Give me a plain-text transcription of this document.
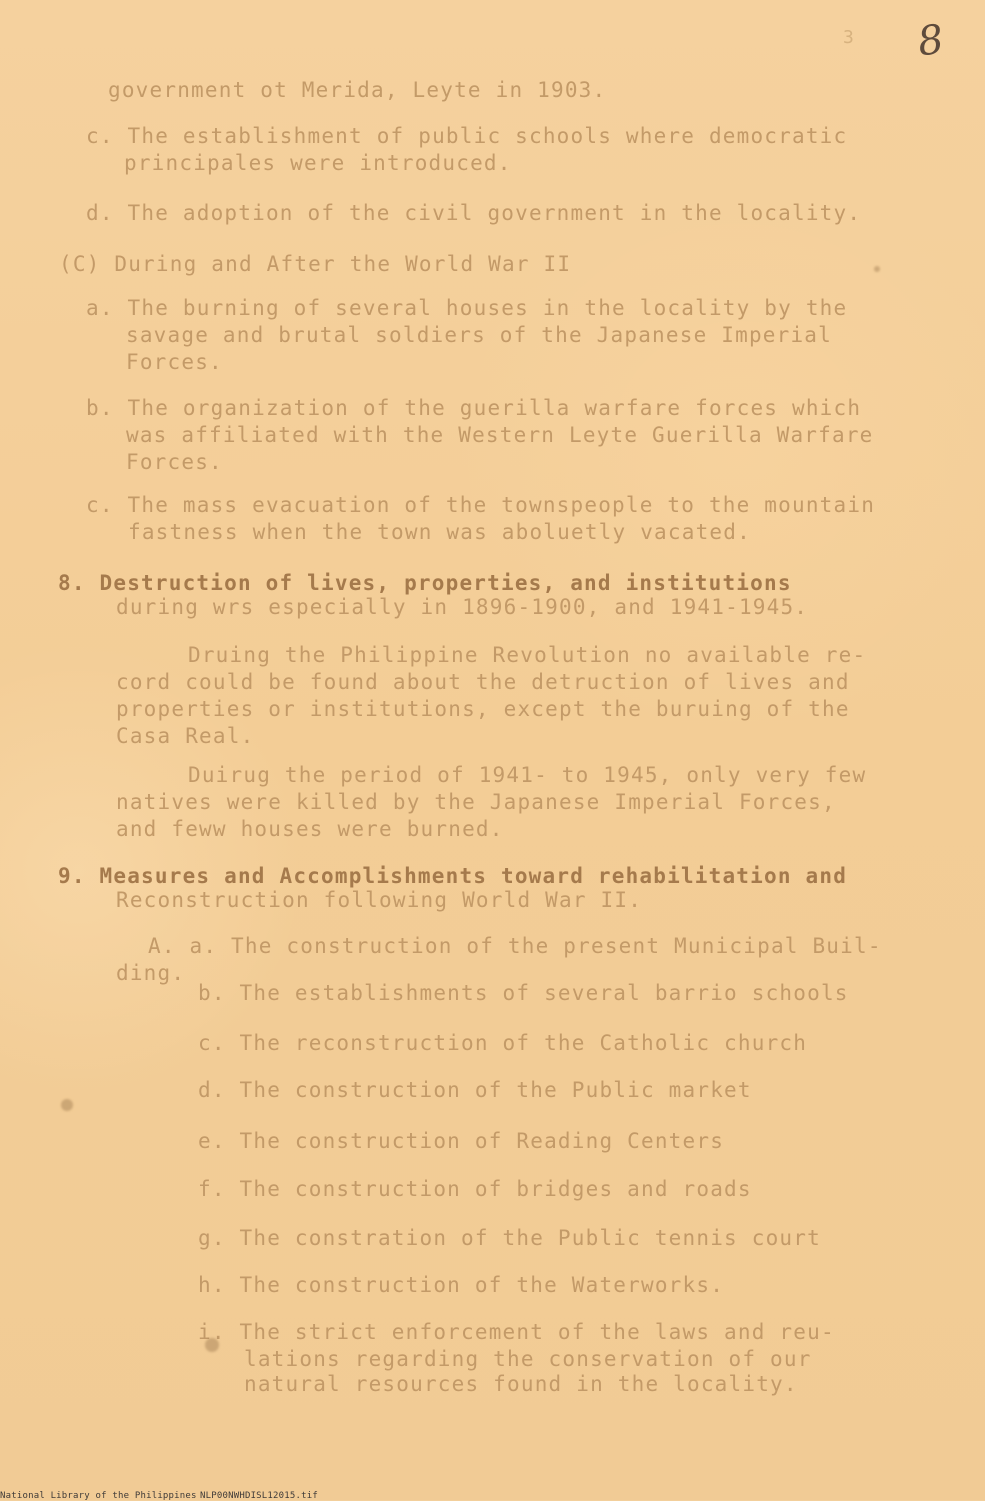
3 8
government ot Merida, Leyte in 1903.
c. The establishment of public schools where democratic
principales were introduced.
d. The adoption of the civil government in the locality.
(C) During and After the World War II
a. The burning of several houses in the locality by the
savage and brutal soldiers of the Japanese Imperial
Forces.
b. The organization of the guerilla warfare forces which
was affiliated with the Western Leyte Guerilla Warfare
Forces.
c. The mass evacuation of the townspeople to the mountain
fastness when the town was aboluetly vacated.
8. Destruction of lives, properties, and institutions
during wrs especially in 1896-1900, and 1941-1945.
Druing the Philippine Revolution no available re-
cord could be found about the detruction of lives and
properties or institutions, except the buruing of the
Casa Real.
Duirug the period of 1941- to 1945, only very few
natives were killed by the Japanese Imperial Forces,
and feww houses were burned.
9. Measures and Accomplishments toward rehabilitation and
Reconstruction following World War II.
A. a. The construction of the present Municipal Buil-
ding.
b. The establishments of several barrio schools
c. The reconstruction of the Catholic church
d. The construction of the Public market
e. The construction of Reading Centers
f. The construction of bridges and roads
g. The constration of the Public tennis court
h. The construction of the Waterworks.
i. The strict enforcement of the laws and reu-
lations regarding the conservation of our
natural resources found in the locality.
National Library of the Philippines NLP00NWHDISL12015.tif
